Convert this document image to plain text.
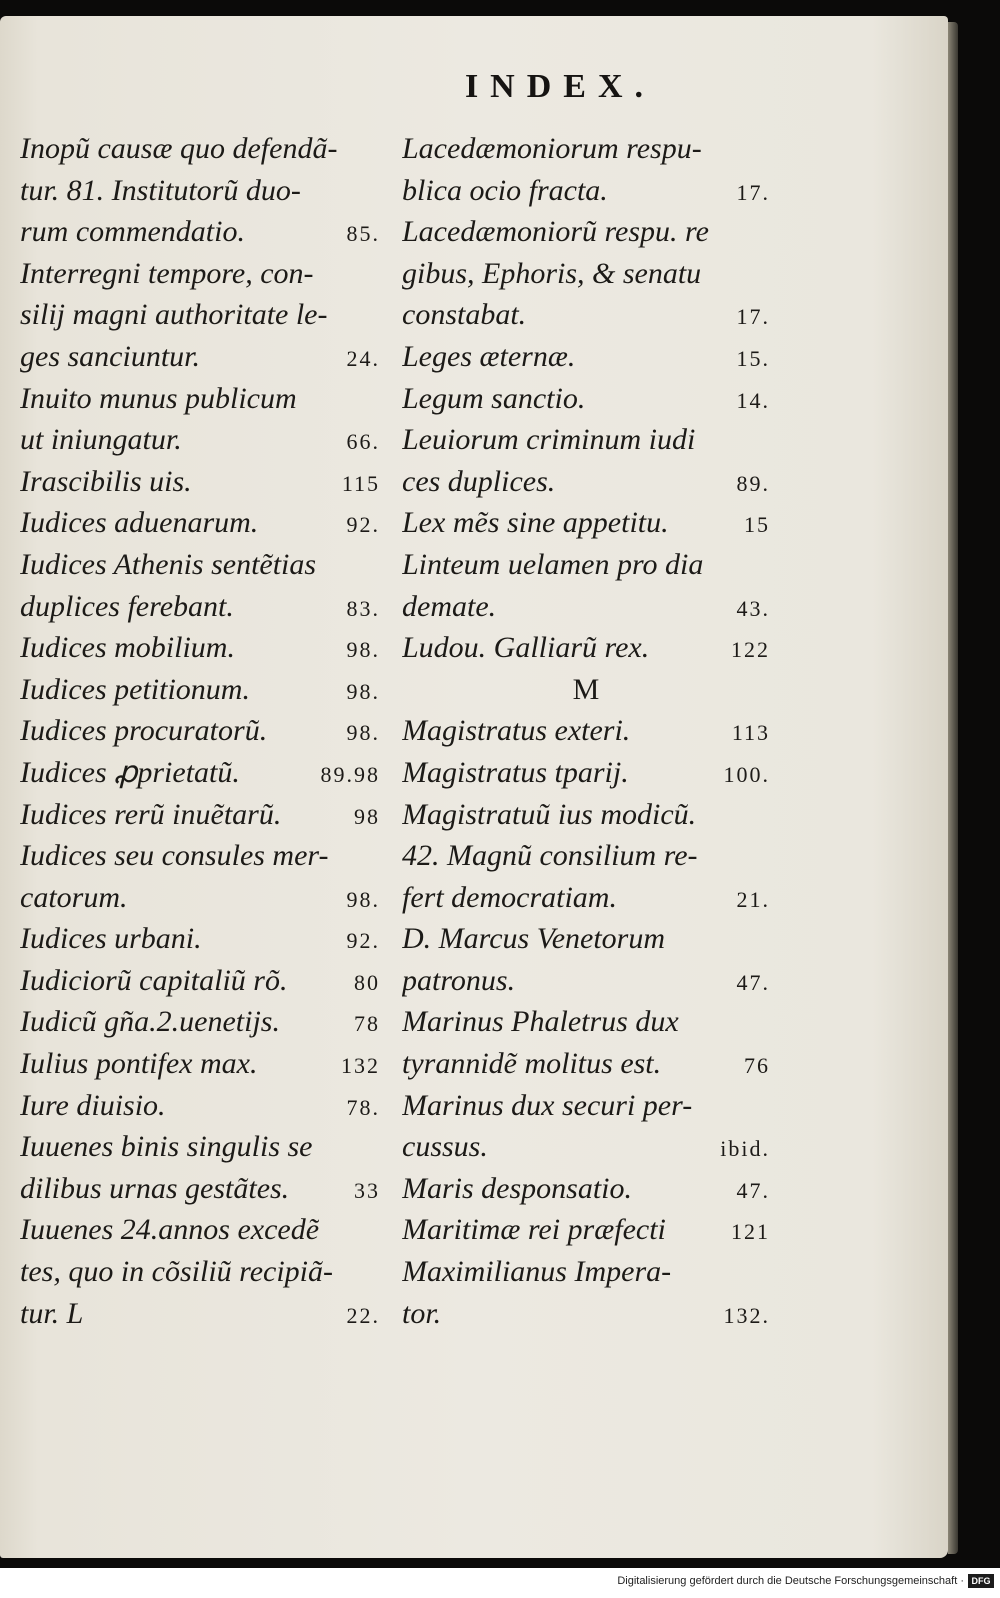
INDEX.
Inopũ causæ quo defendã-
tur. 81. Institutorũ duo-
rum commendatio.	85.
Interregni tempore, con-
silij magni authoritate le-
ges sanciuntur.	24.
Inuito munus publicum
ut iniungatur.	66.
Irascibilis uis.	115
Iudices aduenarum.	92.
Iudices Athenis sentẽtias
duplices ferebant.	83.
Iudices mobilium.	98.
Iudices petitionum.	98.
Iudices procuratorũ.	98.
Iudices ꝓprietatũ.	89.98
Iudices rerũ inuẽtarũ.	98
Iudices seu consules mer-
catorum.	98.
Iudices urbani.	92.
Iudiciorũ capitaliũ rõ.	80
Iudicũ gña.2.uenetijs.	78
Iulius pontifex max.	132
Iure diuisio.	78.
Iuuenes binis singulis se
dilibus urnas gestãtes.	33
Iuuenes 24.annos excedẽ
tes, quo in cõsiliũ recipiã-
tur. L	22.
Lacedæmoniorum respu-
blica ocio fracta.	17.
Lacedæmoniorũ respu. re
gibus, Ephoris, & senatu
constabat.	17.
Leges æternæ.	15.
Legum sanctio.	14.
Leuiorum criminum iudi
ces duplices.	89.
Lex mẽs sine appetitu.	15
Linteum uelamen pro dia
demate.	43.
Ludou. Galliarũ rex.	122
M
Magistratus exteri.	113
Magistratus tparij.	100.
Magistratuũ ius modicũ.
42. Magnũ consilium re-
fert democratiam.	21.
D. Marcus Venetorum
patronus.	47.
Marinus Phaletrus dux
tyrannidẽ molitus est.	76
Marinus dux securi per-
cussus.	ibid.
Maris desponsatio.	47.
Maritimæ rei præfecti	121
Maximilianus Impera-
tor.	132.
Digitalisierung gefördert durch die Deutsche Forschungsgemeinschaft · DFG
